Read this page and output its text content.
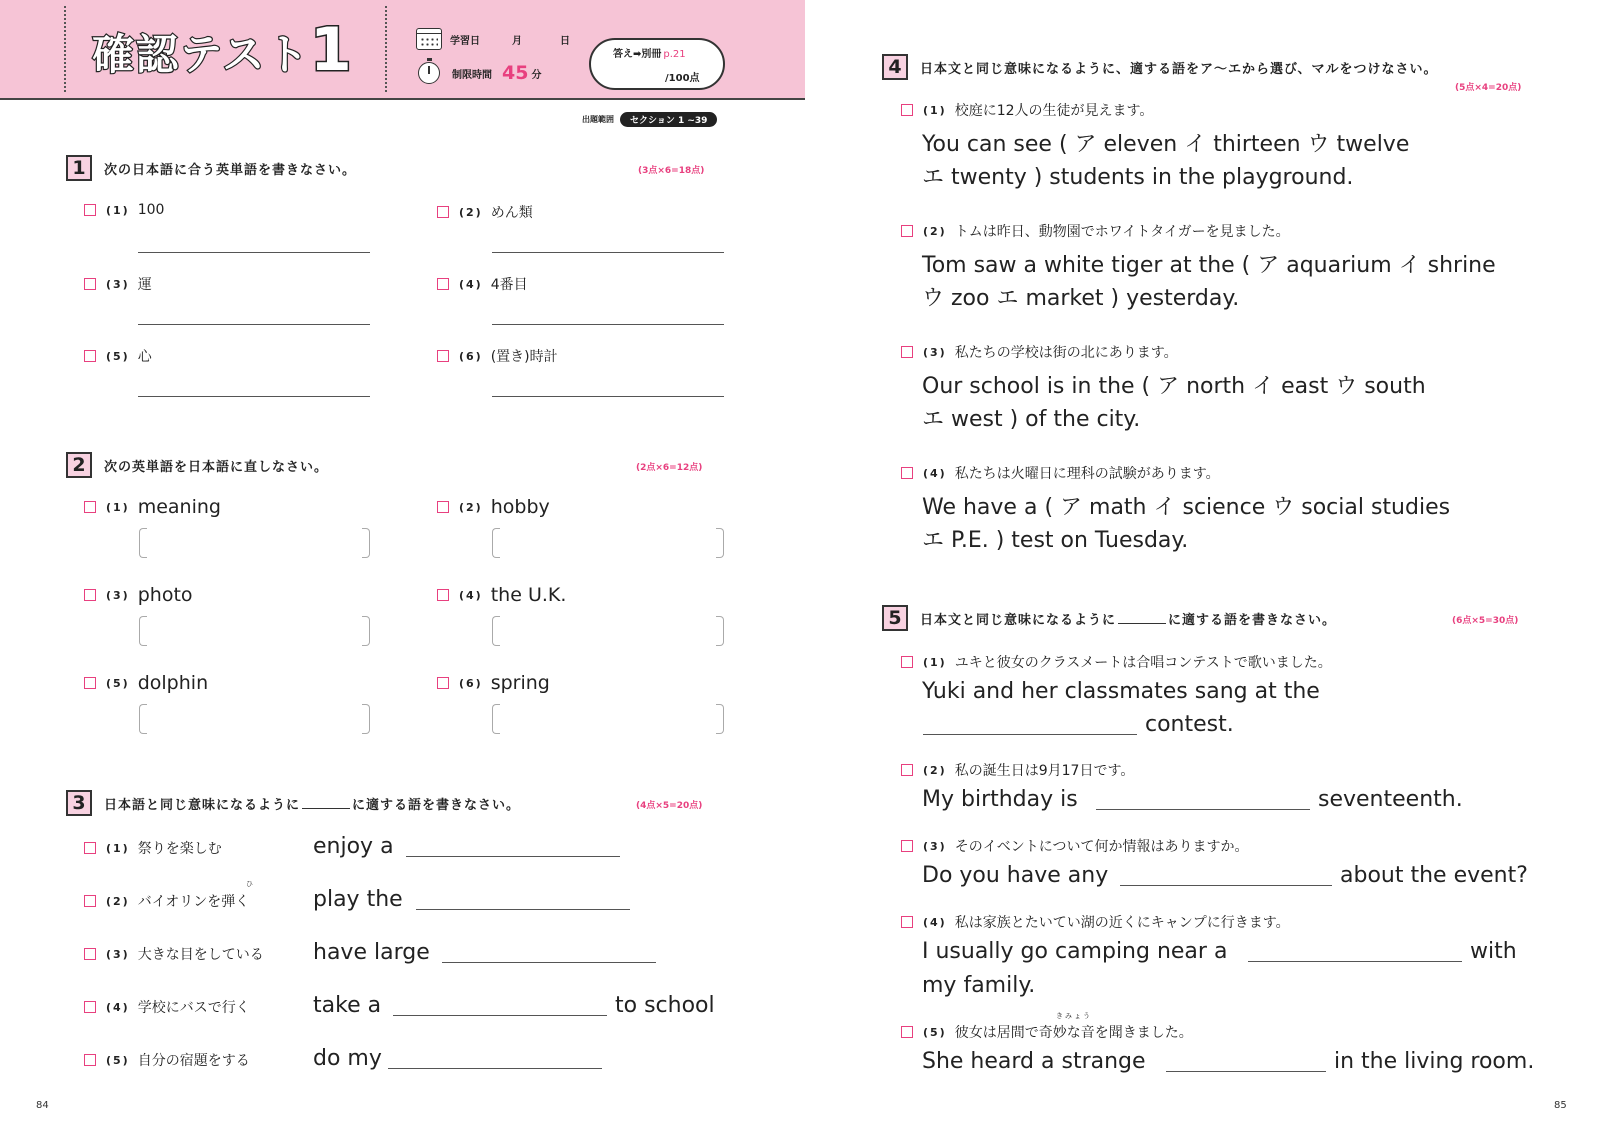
確認テスト 1	学習日	月	日
制限時間 45 分
答え➡別冊 p.21
/100点
出題範囲	セクション 1 ~39
1	次の日本語に合う英単語を書きなさい。	(3点×6=18点)
(1) 100	(2) めん類
(3) 運	(4) 4番目
(5) 心	(6) (置き)時計
2	次の英単語を日本語に直しなさい。	(2点×6=12点)
(1) meaning	(2) hobby
(3) photo	(4) the U.K.
(5) dolphin	(6) spring
3	日本語と同じ意味になるように	に適する語を書きなさい。	(4点×5=20点)
(1) 祭りを楽しむ	enjoy a
(2) バイオリンを弾く
ひ
play the
(3) 大きな目をしている have large
(4) 学校にバスで行く	take a	to school
(5) 自分の宿題をする	do my
84
4	日本文と同じ意味になるように、適する語をア～エから選び、マルをつけなさい。
(5点×4=20点)
(1) 校庭に12人の生徒が見えます。
You can see ( ア eleven イ thirteen ウ twelve
エ twenty ) students in the playground.
(2) トムは昨日、動物園でホワイトタイガーを見ました。
Tom saw a white tiger at the ( ア aquarium イ shrine
ウ zoo エ market ) yesterday.
(3) 私たちの学校は街の北にあります。
Our school is in the ( ア north イ east ウ south
エ west ) of the city.
(4) 私たちは火曜日に理科の試験があります。
We have a ( ア math イ science ウ social studies
エ P.E. ) test on Tuesday.
5	日本文と同じ意味になるように	に適する語を書きなさい。	(6点×5=30点)
(1) ユキと彼女のクラスメートは合唱コンテストで歌いました。
Yuki and her classmates sang at the
contest.
(2) 私の誕生日は9月17日です。
My birthday is	seventeenth.
(3) そのイベントについて何か情報はありますか。
Do you have any	about the event?
(4) 私は家族とたいてい湖の近くにキャンプに行きます。
I usually go camping near a	with
my family.
(5) 彼女は居間で奇妙な音を聞きました。
きみょう
She heard a strange	in the living room.
85
